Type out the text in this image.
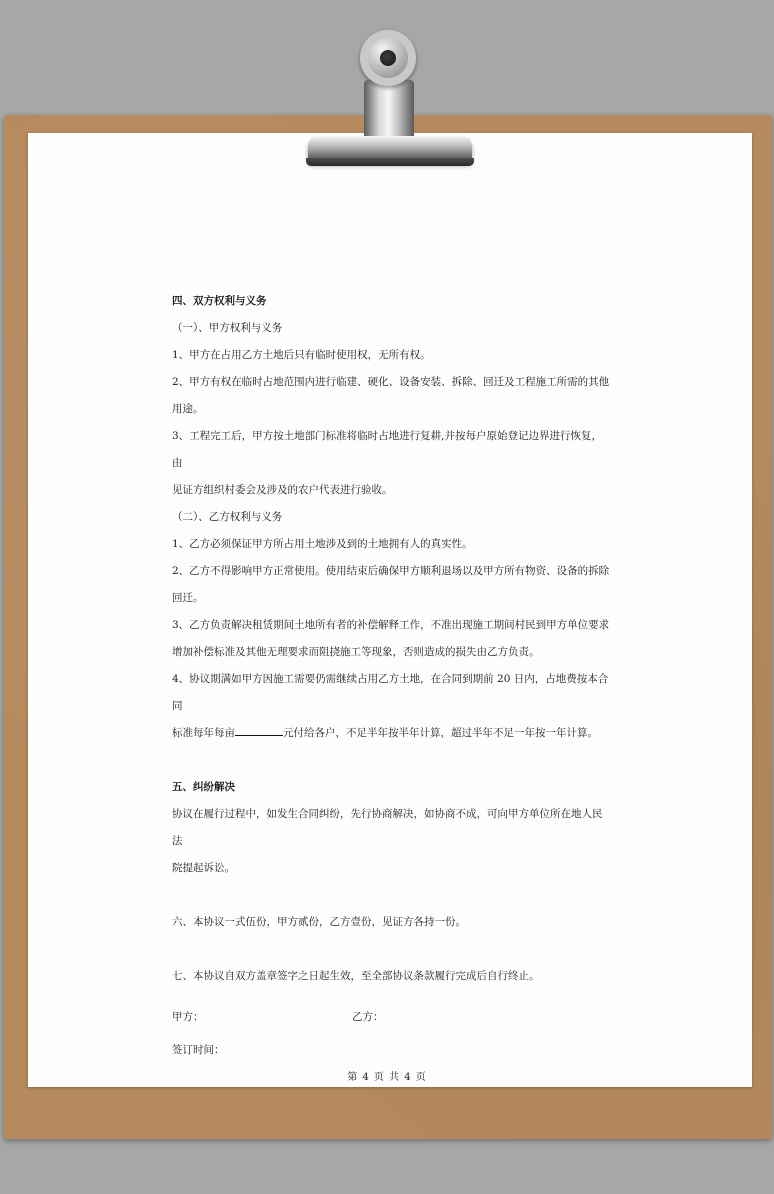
四、双方权利与义务

（一）、甲方权利与义务

1、甲方在占用乙方土地后只有临时使用权，无所有权。

2、甲方有权在临时占地范围内进行临建、硬化、设备安装、拆除、回迁及工程施工所需的其他

用途。

3、工程完工后，甲方按土地部门标准将临时占地进行复耕,并按每户原始登记边界进行恢复，由

见证方组织村委会及涉及的农户代表进行验收。

（二）、乙方权利与义务

1、乙方必须保证甲方所占用土地涉及到的土地拥有人的真实性。

2、乙方不得影响甲方正常使用。使用结束后确保甲方顺利退场以及甲方所有物资、设备的拆除

回迁。

3、乙方负责解决租赁期间土地所有者的补偿解释工作，不准出现施工期间村民到甲方单位要求

增加补偿标准及其他无理要求而阻挠施工等现象，否则造成的损失由乙方负责。

4、协议期满如甲方因施工需要仍需继续占用乙方土地，在合同到期前 20 日内，占地费按本合同

标准每年每亩	元付给各户，不足半年按半年计算，超过半年不足一年按一年计算。

五、纠纷解决

协议在履行过程中，如发生合同纠纷，先行协商解决，如协商不成，可向甲方单位所在地人民法

院提起诉讼。

六、本协议一式伍份，甲方贰份，乙方壹份，见证方各持一份。

七、本协议自双方盖章签字之日起生效，至全部协议条款履行完成后自行终止。

甲方：	乙方：

签订时间：

第 4 页 共 4 页
